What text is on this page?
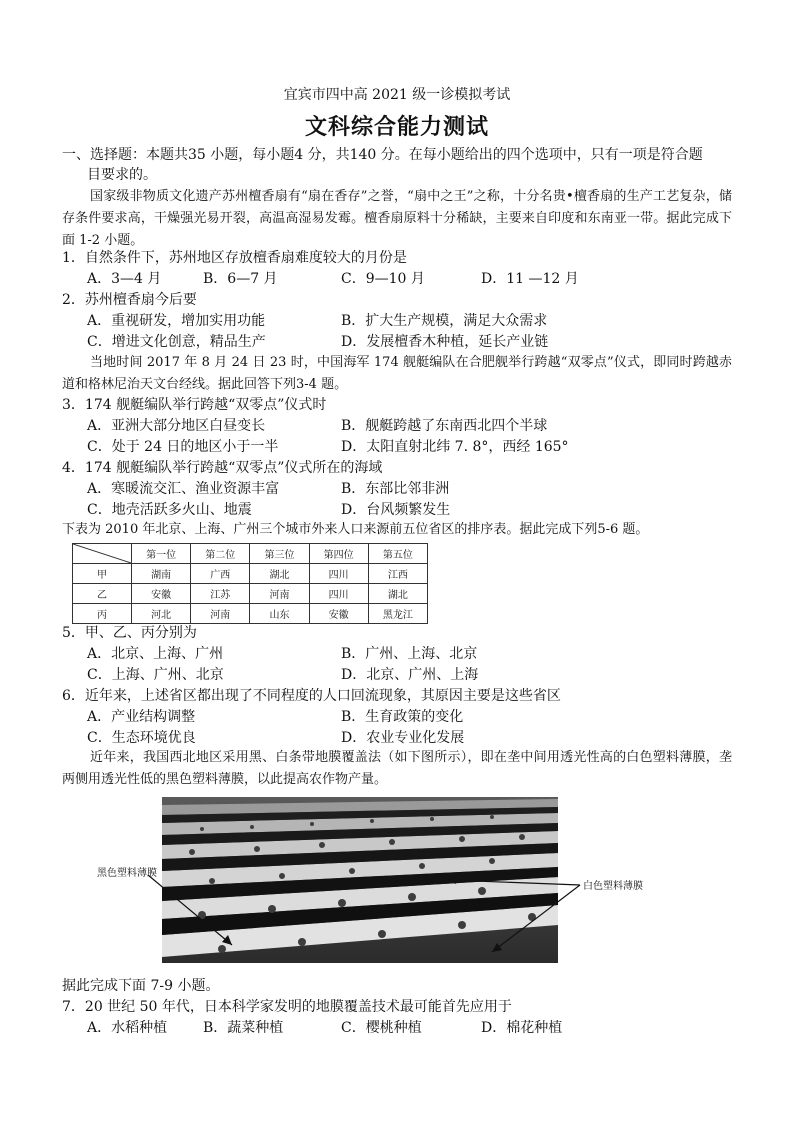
宜宾市四中高 2021 级一诊模拟考试
文科综合能力测试
一、选择题：本题共35 小题，每小题4 分，共140 分。在每小题给出的四个选项中，只有一项是符合题
目要求的。
国家级非物质文化遗产苏州檀香扇有“扇在香存”之誉，“扇中之王”之称，十分名贵•檀香扇的生产工艺复杂，储存条件要求高，干燥强光易开裂，高温高湿易发霉。檀香扇原料十分稀缺，主要来自印度和东南亚一带。据此完成下面 1-2 小题。
1．自然条件下，苏州地区存放檀香扇难度较大的月份是
A．3—4 月	B．6—7 月	C．9—10 月	D．11 —12 月
2．苏州檀香扇今后要
A．重视研发，增加实用功能	B．扩大生产规模，满足大众需求
C．增进文化创意，精品生产	D．发展檀香木种植，延长产业链
当地时间 2017 年 8 月 24 日 23 时，中国海军 174 舰艇编队在合肥舰举行跨越“双零点”仪式，即同时跨越赤道和格林尼治天文台经线。据此回答下列3-4 题。
3．174 舰艇编队举行跨越“双零点”仪式时
A．亚洲大部分地区白昼变长	B．舰艇跨越了东南西北四个半球
C．处于 24 日的地区小于一半	D．太阳直射北纬 7. 8°，西经 165°
4．174 舰艇编队举行跨越“双零点”仪式所在的海域
A．寒暖流交汇、渔业资源丰富	B．东部比邻非洲
C．地壳活跃多火山、地震	D．台风频繁发生
下表为 2010 年北京、上海、广州三个城市外来人口来源前五位省区的排序表。据此完成下列5-6 题。
	第一位	第二位	第三位	第四位	第五位
甲	湖南	广西	湖北	四川	江西
乙	安徽	江苏	河南	四川	湖北
丙	河北	河南	山东	安徽	黑龙江
5．甲、乙、丙分别为
A．北京、上海、广州	B．广州、上海、北京
C．上海、广州、北京	D．北京、广州、上海
6．近年来，上述省区都出现了不同程度的人口回流现象，其原因主要是这些省区
A．产业结构调整	B．生育政策的变化
C．生态环境优良	D．农业专业化发展
近年来，我国西北地区采用黑、白条带地膜覆盖法（如下图所示），即在垄中间用透光性高的白色塑料薄膜，垄两侧用透光性低的黑色塑料薄膜，以此提高农作物产量。
黑色塑料薄膜
白色塑料薄膜
据此完成下面 7-9 小题。
7．20 世纪 50 年代，日本科学家发明的地膜覆盖技术最可能首先应用于
A．水稻种植	B．蔬菜种植	C．樱桃种植	D．棉花种植
